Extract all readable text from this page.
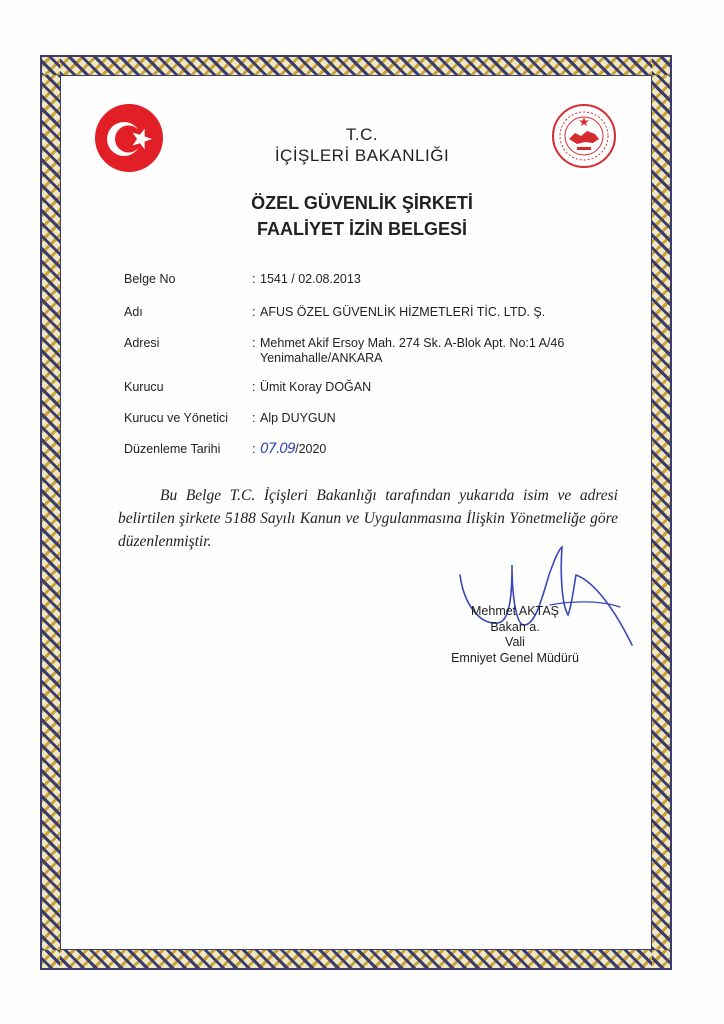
T.C.
İÇİŞLERİ BAKANLIĞI
ÖZEL GÜVENLİK ŞİRKETİ
FAALİYET İZİN BELGESİ
Belge No	: 1541 / 02.08.2013
Adı	: AFUS ÖZEL GÜVENLİK HİZMETLERİ TİC. LTD. Ş.
Adresi	: Mehmet Akif Ersoy Mah. 274 Sk. A-Blok Apt. No:1 A/46
Yenimahalle/ANKARA
Kurucu	: Ümit Koray DOĞAN
Kurucu ve Yönetici : Alp DUYGUN
Düzenleme Tarihi	: 07.09/2020
Bu Belge T.C. İçişleri Bakanlığı tarafından yukarıda isim ve adresi belirtilen şirkete 5188 Sayılı Kanun ve Uygulanmasına İlişkin Yönetmeliğe göre düzenlenmiştir.
Mehmet AKTAŞ
Bakan a.
Vali
Emniyet Genel Müdürü
